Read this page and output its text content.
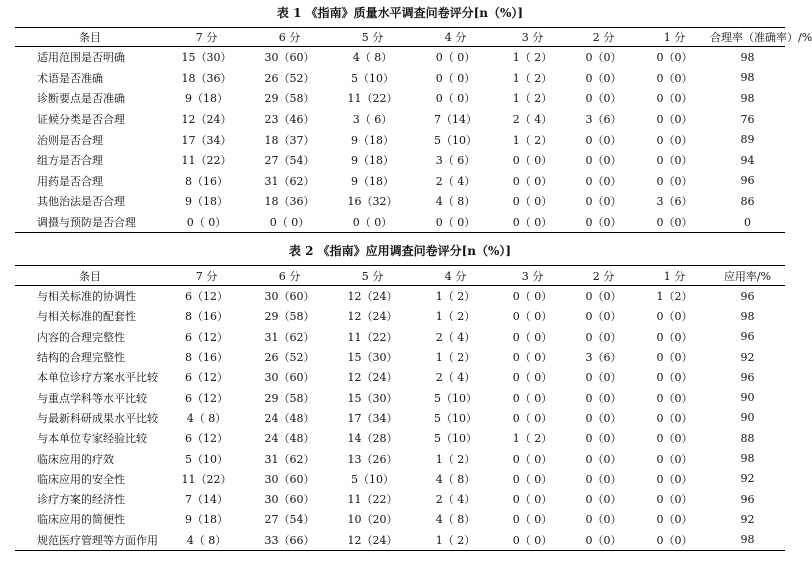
表 1 《指南》质量水平调查问卷评分[n（%）]
条目	7 分	6 分	5 分	4 分	3 分	2 分	1 分	合理率（准确率）/%
适用范围是否明确	15（30）	30（60）	4（ 8）	0（ 0）	1（ 2）	0（0）	0（0）	98
术语是否准确	18（36）	26（52）	5（10）	0（ 0）	1（ 2）	0（0）	0（0）	98
诊断要点是否准确	9（18）	29（58）	11（22）	0（ 0）	1（ 2）	0（0）	0（0）	98
证候分类是否合理	12（24）	23（46）	3（ 6）	7（14）	2（ 4）	3（6）	0（0）	76
治则是否合理	17（34）	18（37）	9（18）	5（10）	1（ 2）	0（0）	0（0）	89
组方是否合理	11（22）	27（54）	9（18）	3（ 6）	0（ 0）	0（0）	0（0）	94
用药是否合理	8（16）	31（62）	9（18）	2（ 4）	0（ 0）	0（0）	0（0）	96
其他治法是否合理	9（18）	18（36）	16（32）	4（ 8）	0（ 0）	0（0）	3（6）	86
调摄与预防是否合理	0（ 0）	0（ 0）	0（ 0）	0（ 0）	0（ 0）	0（0）	0（0）	0
表 2 《指南》应用调查问卷评分[n（%）]
条目	7 分	6 分	5 分	4 分	3 分	2 分	1 分	应用率/%
与相关标准的协调性	6（12）	30（60）	12（24）	1（ 2）	0（ 0）	0（0）	1（2）	96
与相关标准的配套性	8（16）	29（58）	12（24）	1（ 2）	0（ 0）	0（0）	0（0）	98
内容的合理完整性	6（12）	31（62）	11（22）	2（ 4）	0（ 0）	0（0）	0（0）	96
结构的合理完整性	8（16）	26（52）	15（30）	1（ 2）	0（ 0）	3（6）	0（0）	92
本单位诊疗方案水平比较	6（12）	30（60）	12（24）	2（ 4）	0（ 0）	0（0）	0（0）	96
与重点学科等水平比较	6（12）	29（58）	15（30）	5（10）	0（ 0）	0（0）	0（0）	90
与最新科研成果水平比较	4（ 8）	24（48）	17（34）	5（10）	0（ 0）	0（0）	0（0）	90
与本单位专家经验比较	6（12）	24（48）	14（28）	5（10）	1（ 2）	0（0）	0（0）	88
临床应用的疗效	5（10）	31（62）	13（26）	1（ 2）	0（ 0）	0（0）	0（0）	98
临床应用的安全性	11（22）	30（60）	5（10）	4（ 8）	0（ 0）	0（0）	0（0）	92
诊疗方案的经济性	7（14）	30（60）	11（22）	2（ 4）	0（ 0）	0（0）	0（0）	96
临床应用的简便性	9（18）	27（54）	10（20）	4（ 8）	0（ 0）	0（0）	0（0）	92
规范医疗管理等方面作用	4（ 8）	33（66）	12（24）	1（ 2）	0（ 0）	0（0）	0（0）	98
